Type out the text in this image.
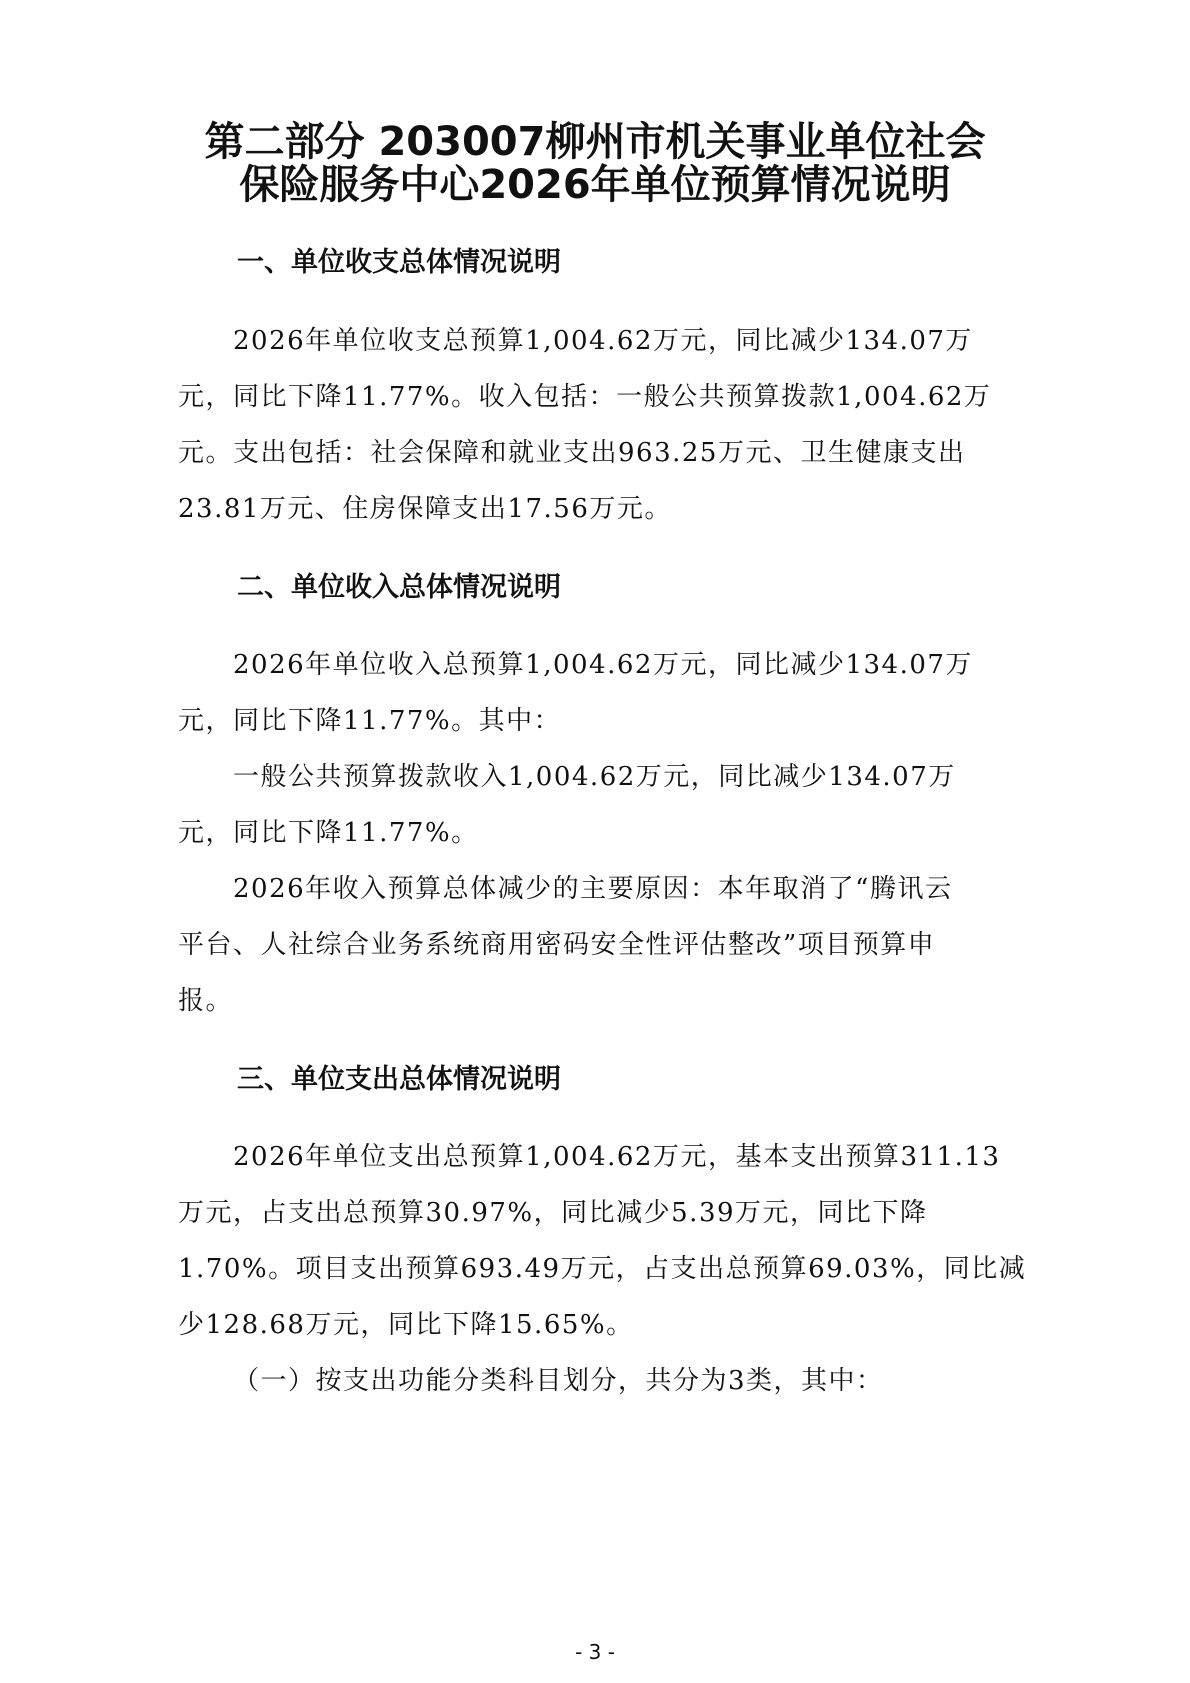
第二部分 203007柳州市机关事业单位社会
保险服务中心2026年单位预算情况说明
一、单位收支总体情况说明
2026年单位收支总预算1,004.62万元，同比减少134.07万
元，同比下降11.77%。收入包括：一般公共预算拨款1,004.62万
元。支出包括：社会保障和就业支出963.25万元、卫生健康支出
23.81万元、住房保障支出17.56万元。
二、单位收入总体情况说明
2026年单位收入总预算1,004.62万元，同比减少134.07万
元，同比下降11.77%。其中：
一般公共预算拨款收入1,004.62万元，同比减少134.07万
元，同比下降11.77%。
2026年收入预算总体减少的主要原因：本年取消了“腾讯云
平台、人社综合业务系统商用密码安全性评估整改”项目预算申
报。
三、单位支出总体情况说明
2026年单位支出总预算1,004.62万元，基本支出预算311.13
万元，占支出总预算30.97%，同比减少5.39万元，同比下降
1.70%。项目支出预算693.49万元，占支出总预算69.03%，同比减
少128.68万元，同比下降15.65%。
（一）按支出功能分类科目划分，共分为3类，其中：
- 3 -
